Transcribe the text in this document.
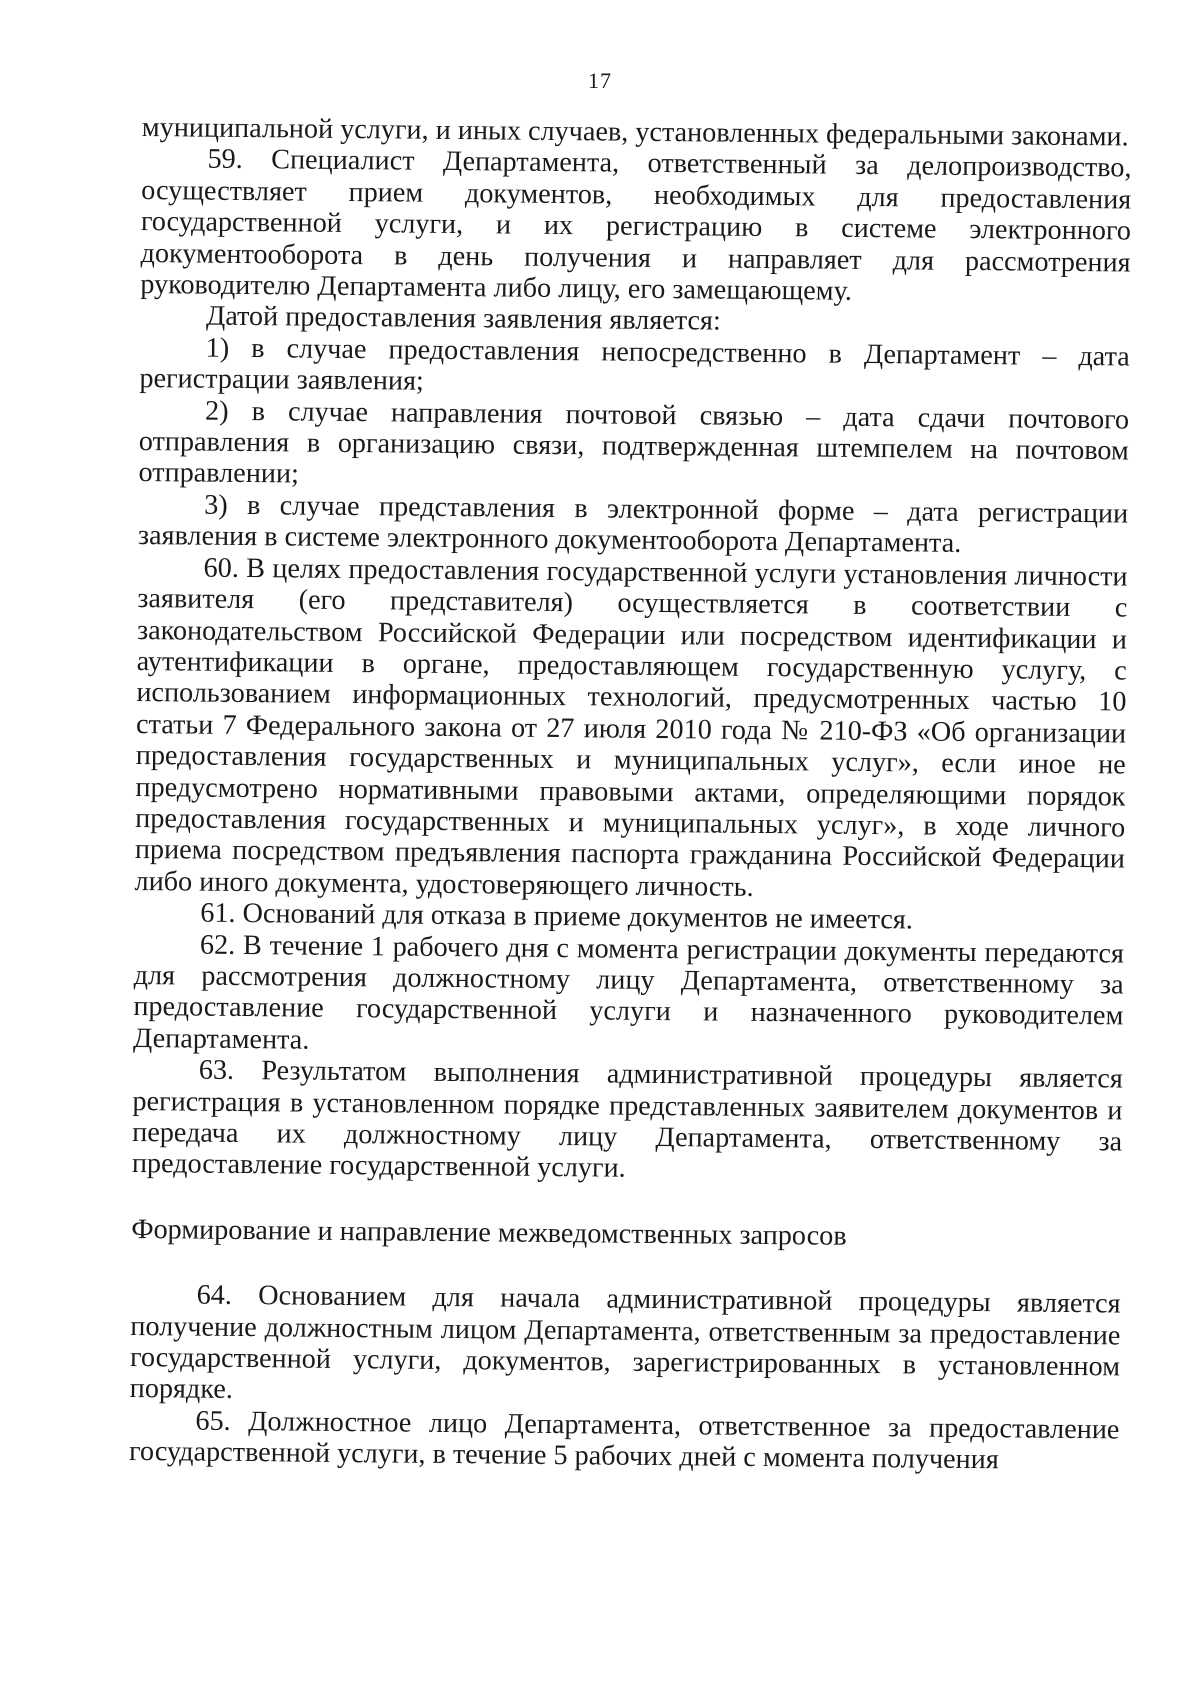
17

муниципальной услуги, и иных случаев, установленных федеральными законами.

59. Специалист Департамента, ответственный за делопроизводство, осуществляет прием документов, необходимых для предоставления государственной услуги, и их регистрацию в системе электронного документооборота в день получения и направляет для рассмотрения руководителю Департамента либо лицу, его замещающему.

Датой предоставления заявления является:

1) в случае предоставления непосредственно в Департамент – дата регистрации заявления;

2) в случае направления почтовой связью – дата сдачи почтового отправления в организацию связи, подтвержденная штемпелем на почтовом отправлении;

3) в случае представления в электронной форме – дата регистрации заявления в системе электронного документооборота Департамента.

60. В целях предоставления государственной услуги установления личности заявителя (его представителя) осуществляется в соответствии с законодательством Российской Федерации или посредством идентификации и аутентификации в органе, предоставляющем государственную услугу, с использованием информационных технологий, предусмотренных частью 10 статьи 7 Федерального закона от 27 июля 2010 года № 210-ФЗ «Об организации предоставления государственных и муниципальных услуг», если иное не предусмотрено нормативными правовыми актами, определяющими порядок предоставления государственных и муниципальных услуг», в ходе личного приема посредством предъявления паспорта гражданина Российской Федерации либо иного документа, удостоверяющего личность.

61. Оснований для отказа в приеме документов не имеется.

62. В течение 1 рабочего дня с момента регистрации документы передаются для рассмотрения должностному лицу Департамента, ответственному за предоставление государственной услуги и назначенного руководителем Департамента.

63. Результатом выполнения административной процедуры является регистрация в установленном порядке представленных заявителем документов и передача их должностному лицу Департамента, ответственному за предоставление государственной услуги.

Формирование и направление межведомственных запросов

64. Основанием для начала административной процедуры является получение должностным лицом Департамента, ответственным за предоставление государственной услуги, документов, зарегистрированных в установленном порядке.

65. Должностное лицо Департамента, ответственное за предоставление государственной услуги, в течение 5 рабочих дней с момента получения
